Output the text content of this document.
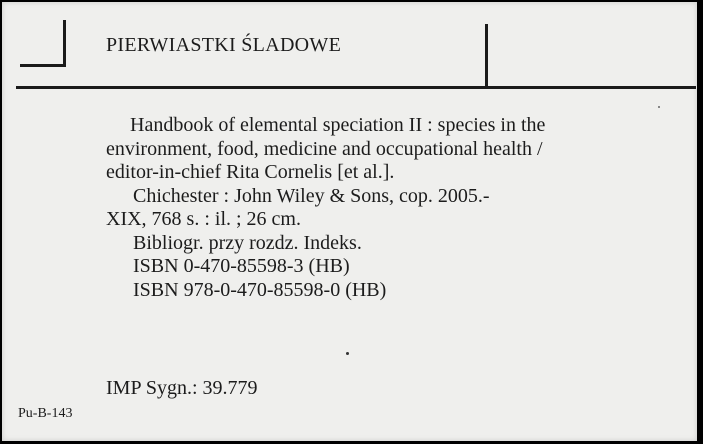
PIERWIASTKI ŚLADOWE

Handbook of elemental speciation II : species in the

environment, food, medicine and occupational health /

editor-in-chief Rita Cornelis [et al.].

Chichester : John Wiley & Sons, cop. 2005.-

XIX, 768 s. : il. ; 26 cm.

Bibliogr. przy rozdz. Indeks.

ISBN 0-470-85598-3 (HB)

ISBN 978-0-470-85598-0 (HB)

IMP Sygn.: 39.779
Pu-B-143
